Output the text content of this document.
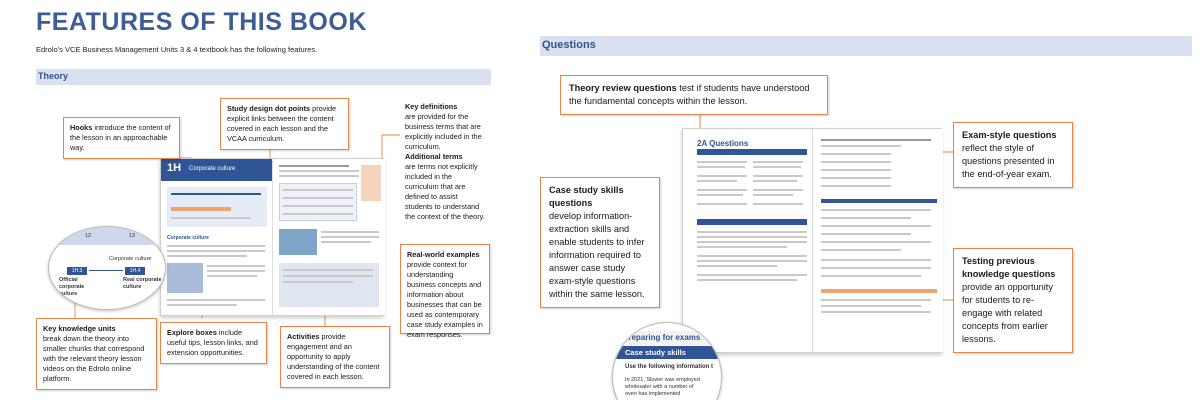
FEATURES OF THIS BOOK
Edrolo's VCE Business Management Units 3 & 4 textbook has the following features.
Theory
1H Corporate culture
Corporate culture
12	13
1H.3	1H.4
Corporate culture
Official corporate culture
Real corporate culture
Hooks introduce the content of the lesson in an approachable way.
Study design dot points provide explicit links between the content covered in each lesson and the VCAA curriculum.
Key definitions
are provided for the business terms that are explicitly included in the curriculum.
Additional terms
are terms not explicitly included in the curriculum that are defined to assist students to understand the context of the theory.
Real-world examples
provide context for understanding business concepts and information about businesses that can be used as contemporary case study examples in exam responses.
Key knowledge units
break down the theory into smaller chunks that correspond with the relevant theory lesson videos on the Edrolo online platform.
Explore boxes include useful tips, lesson links, and extension opportunities.
Activities provide engagement and an opportunity to apply understanding of the content covered in each lesson.
Questions
2A Questions
Preparing for exams
Case study skills
Use the following information t
In 2021, Slower was employed
wholesaler with a number of
oven has implemented
Theory review questions test if students have understood the fundamental concepts within the lesson.
Case study skills questions
develop information-extraction skills and enable students to infer information required to answer case study exam-style questions within the same lesson.
Exam-style questions
reflect the style of questions presented in the end-of-year exam.
Testing previous knowledge questions
provide an opportunity for students to re-engage with related concepts from earlier lessons.
